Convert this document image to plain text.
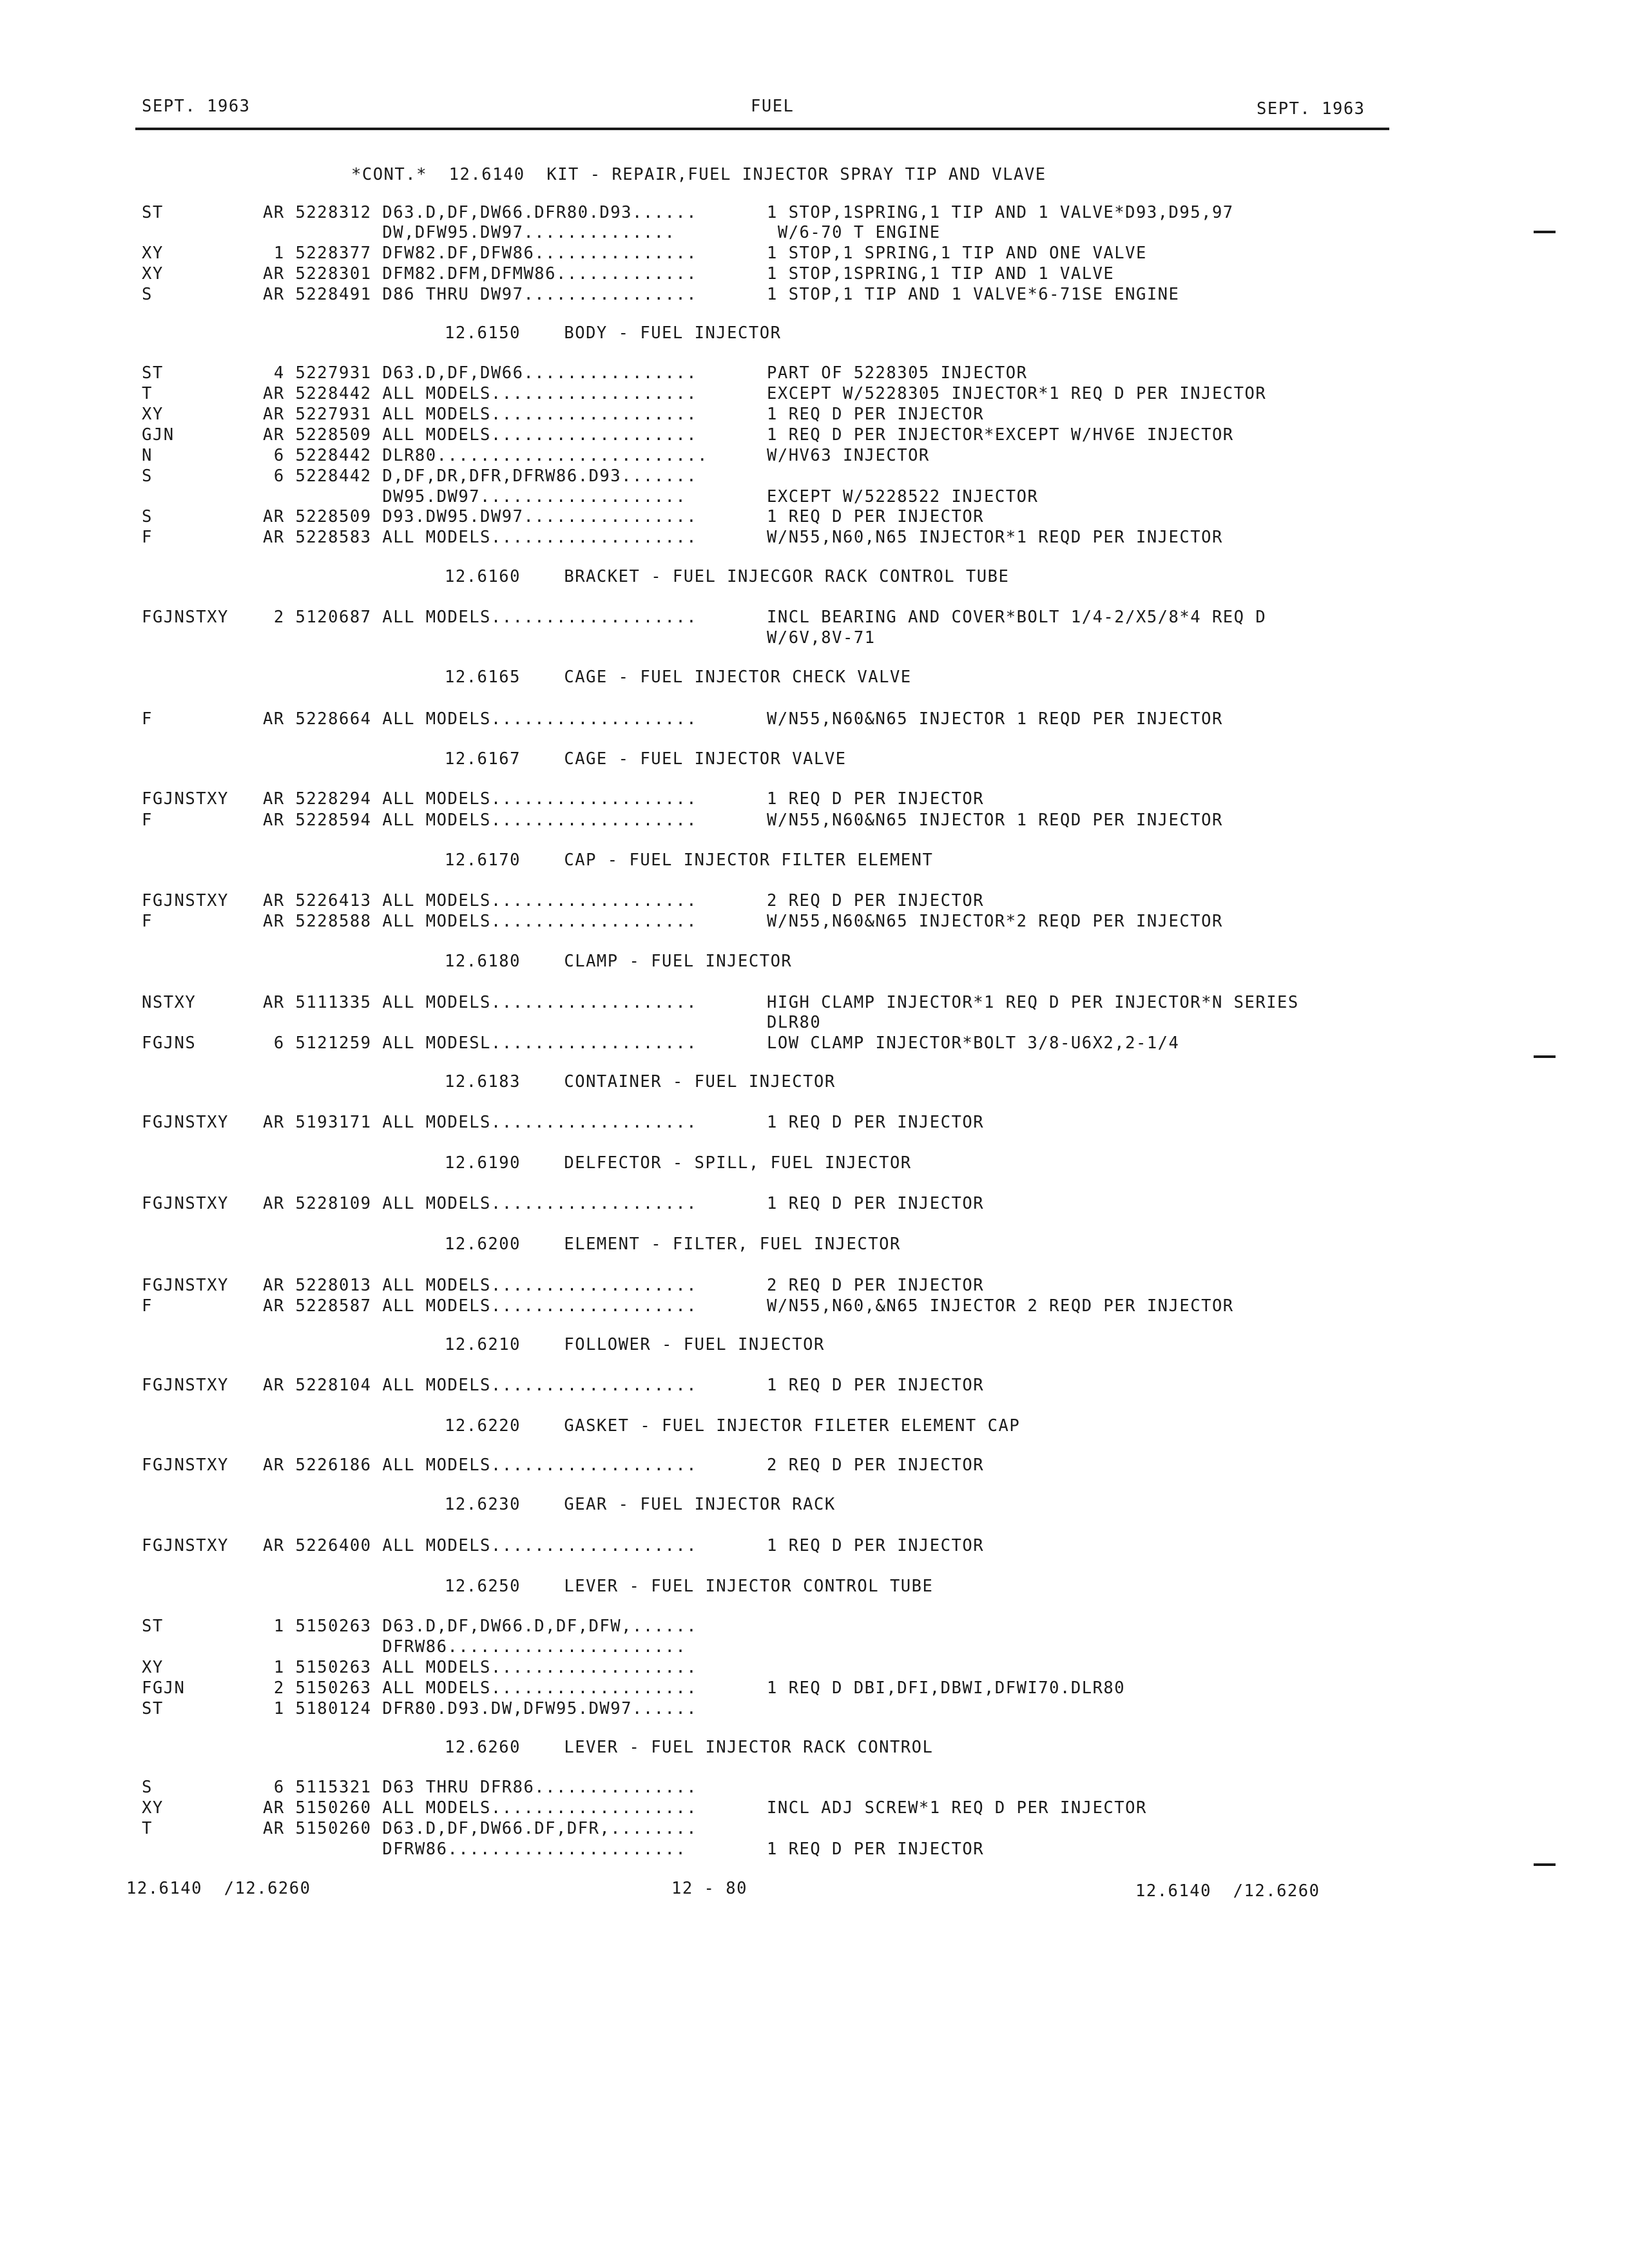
SEPT. 1963	FUEL	SEPT. 1963
*CONT.*  12.6140  KIT - REPAIR,FUEL INJECTOR SPRAY TIP AND VLAVE
ST	AR 5228312 D63.D,DF,DW66.DFR80.D93......	1 STOP,1SPRING,1 TIP AND 1 VALVE*D93,D95,97
DW,DFW95.DW97..............	W/6-70 T ENGINE
XY	1 5228377 DFW82.DF,DFW86...............	1 STOP,1 SPRING,1 TIP AND ONE VALVE
XY	AR 5228301 DFM82.DFM,DFMW86.............	1 STOP,1SPRING,1 TIP AND 1 VALVE
S	AR 5228491 D86 THRU DW97................	1 STOP,1 TIP AND 1 VALVE*6-71SE ENGINE
12.6150    BODY - FUEL INJECTOR
ST	4 5227931 D63.D,DF,DW66................	PART OF 5228305 INJECTOR
T	AR 5228442 ALL MODELS...................	EXCEPT W/5228305 INJECTOR*1 REQ D PER INJECTOR
XY	AR 5227931 ALL MODELS...................	1 REQ D PER INJECTOR
GJN	AR 5228509 ALL MODELS...................	1 REQ D PER INJECTOR*EXCEPT W/HV6E INJECTOR
N	6 5228442 DLR80.........................	W/HV63 INJECTOR
S	6 5228442 D,DF,DR,DFR,DFRW86.D93.......
DW95.DW97...................	EXCEPT W/5228522 INJECTOR
S	AR 5228509 D93.DW95.DW97................	1 REQ D PER INJECTOR
F	AR 5228583 ALL MODELS...................	W/N55,N60,N65 INJECTOR*1 REQD PER INJECTOR
12.6160    BRACKET - FUEL INJECGOR RACK CONTROL TUBE
FGJNSTXY 2 5120687 ALL MODELS...................	INCL BEARING AND COVER*BOLT 1/4-2/X5/8*4 REQ D
W/6V,8V-71
12.6165    CAGE - FUEL INJECTOR CHECK VALVE
F	AR 5228664 ALL MODELS...................	W/N55,N60&N65 INJECTOR 1 REQD PER INJECTOR
12.6167    CAGE - FUEL INJECTOR VALVE
FGJNSTXY AR 5228294 ALL MODELS...................	1 REQ D PER INJECTOR
F	AR 5228594 ALL MODELS...................	W/N55,N60&N65 INJECTOR 1 REQD PER INJECTOR
12.6170    CAP - FUEL INJECTOR FILTER ELEMENT
FGJNSTXY AR 5226413 ALL MODELS...................	2 REQ D PER INJECTOR
F	AR 5228588 ALL MODELS...................	W/N55,N60&N65 INJECTOR*2 REQD PER INJECTOR
12.6180    CLAMP - FUEL INJECTOR
NSTXY	AR 5111335 ALL MODELS...................	HIGH CLAMP INJECTOR*1 REQ D PER INJECTOR*N SERIES
DLR80
FGJNS	6 5121259 ALL MODESL...................	LOW CLAMP INJECTOR*BOLT 3/8-U6X2,2-1/4
12.6183    CONTAINER - FUEL INJECTOR
FGJNSTXY AR 5193171 ALL MODELS...................	1 REQ D PER INJECTOR
12.6190    DELFECTOR - SPILL, FUEL INJECTOR
FGJNSTXY AR 5228109 ALL MODELS...................	1 REQ D PER INJECTOR
12.6200    ELEMENT - FILTER, FUEL INJECTOR
FGJNSTXY AR 5228013 ALL MODELS...................	2 REQ D PER INJECTOR
F	AR 5228587 ALL MODELS...................	W/N55,N60,&N65 INJECTOR 2 REQD PER INJECTOR
12.6210    FOLLOWER - FUEL INJECTOR
FGJNSTXY AR 5228104 ALL MODELS...................	1 REQ D PER INJECTOR
12.6220    GASKET - FUEL INJECTOR FILETER ELEMENT CAP
FGJNSTXY AR 5226186 ALL MODELS...................	2 REQ D PER INJECTOR
12.6230    GEAR - FUEL INJECTOR RACK
FGJNSTXY AR 5226400 ALL MODELS...................	1 REQ D PER INJECTOR
12.6250    LEVER - FUEL INJECTOR CONTROL TUBE
ST	1 5150263 D63.D,DF,DW66.D,DF,DFW,......
DFRW86......................
XY	1 5150263 ALL MODELS...................
FGJN	2 5150263 ALL MODELS...................	1 REQ D DBI,DFI,DBWI,DFWI70.DLR80
ST	1 5180124 DFR80.D93.DW,DFW95.DW97......
12.6260    LEVER - FUEL INJECTOR RACK CONTROL
S	6 5115321 D63 THRU DFR86...............
XY	AR 5150260 ALL MODELS...................	INCL ADJ SCREW*1 REQ D PER INJECTOR
T	AR 5150260 D63.D,DF,DW66.DF,DFR,........
DFRW86......................	1 REQ D PER INJECTOR
12.6140  /12.6260	12 - 80	12.6140  /12.6260
